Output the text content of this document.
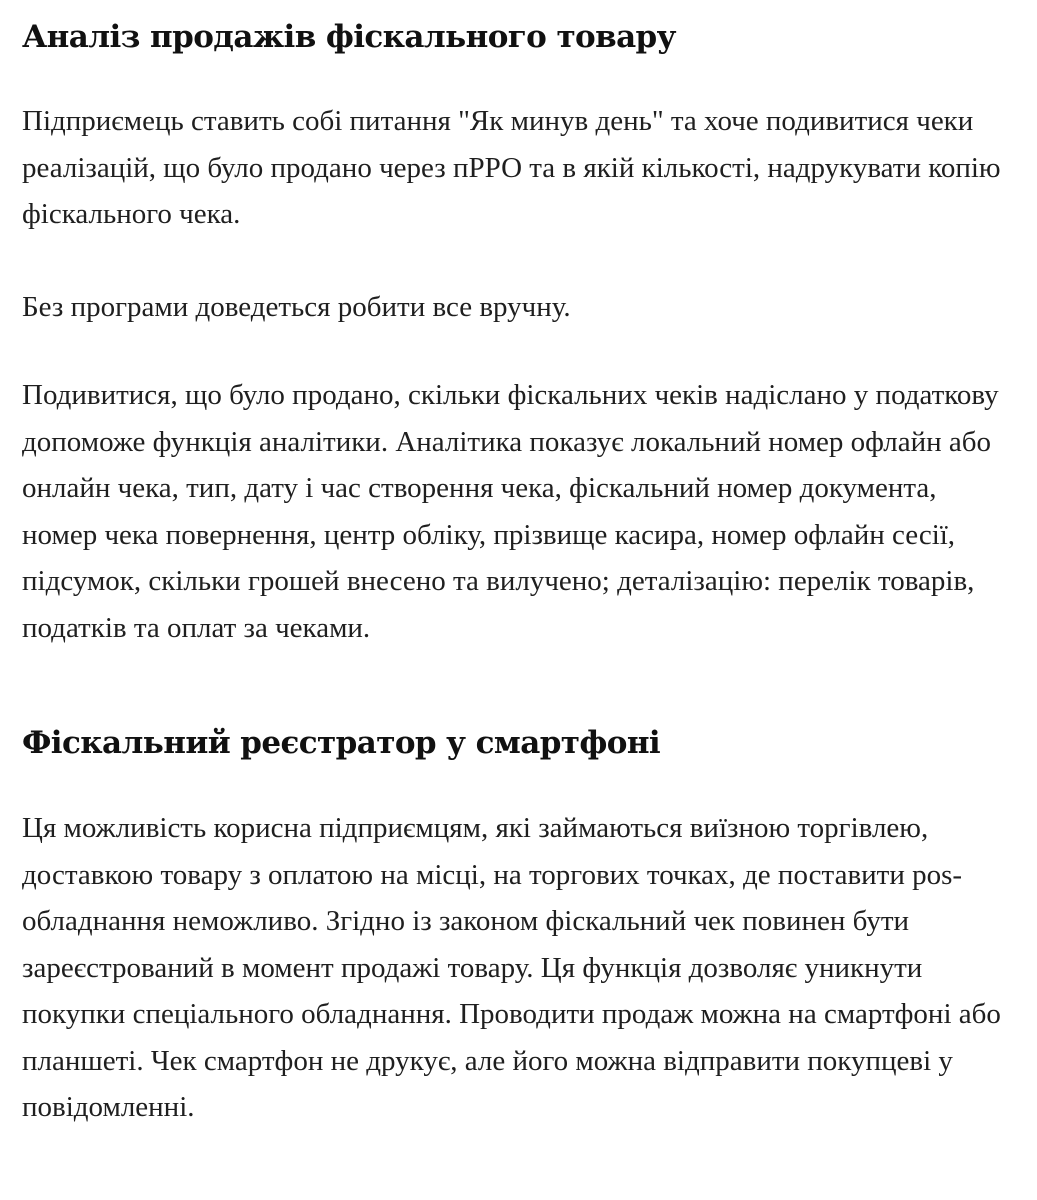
Аналіз продажів фіскального товару

Підприємець ставить собі питання "Як минув день" та хоче подивитися чеки реалізацій, що було продано через пРРО та в якій кількості, надрукувати копію фіскального чека.

Без програми доведеться робити все вручну.

Подивитися, що було продано, скільки фіскальних чеків надіслано у податкову допоможе функція аналітики. Аналітика показує локальний номер офлайн або онлайн чека, тип, дату і час створення чека, фіскальний номер документа, номер чека повернення, центр обліку, прізвище касира, номер офлайн сесії, підсумок, скільки грошей внесено та вилучено; деталізацію: перелік товарів, податків та оплат за чеками.

Фіскальний реєстратор у смартфоні

Ця можливість корисна підприємцям, які займаються виїзною торгівлею, доставкою товару з оплатою на місці, на торгових точках, де поставити pos-обладнання неможливо. Згідно із законом фіскальний чек повинен бути зареєстрований в момент продажі товару. Ця функція дозволяє уникнути покупки спеціального обладнання. Проводити продаж можна на смартфоні або планшеті. Чек смартфон не друкує, але його можна відправити покупцеві у повідомленні.
